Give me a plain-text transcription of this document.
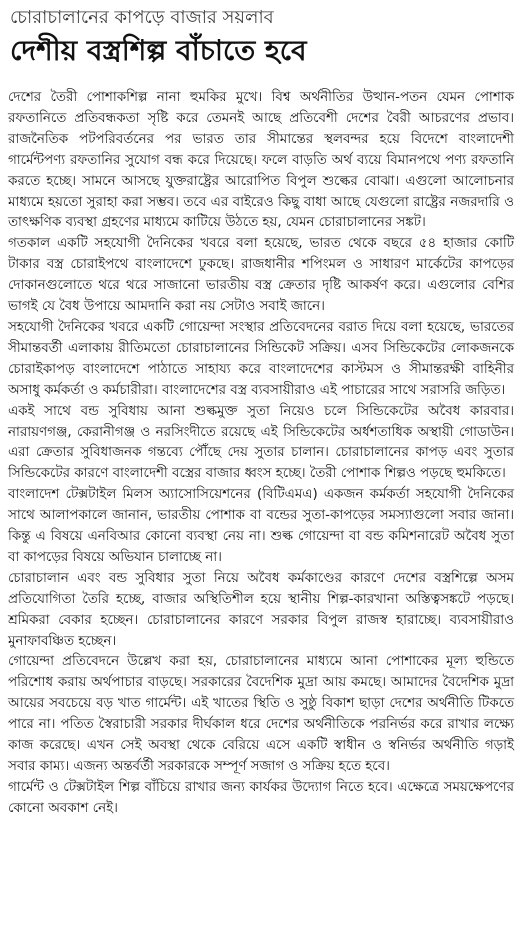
চোরাচালানের কাপড়ে বাজার সয়লাব
দেশীয় বস্ত্রশিল্প বাঁচাতে হবে

দেশের তৈরী পোশাকশিল্প নানা হুমকির মুখে। বিশ্ব অর্থনীতির উত্থান-পতন যেমন পোশাক রফতানিতে প্রতিবন্ধকতা সৃষ্টি করে তেমনই আছে প্রতিবেশী দেশের বৈরী আচরণের প্রভাব। রাজনৈতিক পটপরিবর্তনের পর ভারত তার সীমান্তের স্থলবন্দর হয়ে বিদেশে বাংলাদেশী গার্মেন্টপণ্য রফতানির সুযোগ বন্ধ করে দিয়েছে। ফলে বাড়তি অর্থ ব্যয়ে বিমানপথে পণ্য রফতানি করতে হচ্ছে। সামনে আসছে যুক্তরাষ্ট্রের আরোপিত বিপুল শুল্কের বোঝা। এগুলো আলোচনার মাধ্যমে হয়তো সুরাহা করা সম্ভব। তবে এর বাইরেও কিছু বাধা আছে যেগুলো রাষ্ট্রের নজরদারি ও তাৎক্ষণিক ব্যবস্থা গ্রহণের মাধ্যমে কাটিয়ে উঠতে হয়, যেমন চোরাচালানের সঙ্কট।

গতকাল একটি সহযোগী দৈনিকের খবরে বলা হয়েছে, ভারত থেকে বছরে ৫৪ হাজার কোটি টাকার বস্ত্র চোরাইপথে বাংলাদেশে ঢুকছে। রাজধানীর শপিংমল ও সাধারণ মার্কেটের কাপড়ের দোকানগুলোতে থরে থরে সাজানো ভারতীয় বস্ত্র ক্রেতার দৃষ্টি আকর্ষণ করে। এগুলোর বেশির ভাগই যে বৈধ উপায়ে আমদানি করা নয় সেটাও সবাই জানে।

সহযোগী দৈনিকের খবরে একটি গোয়েন্দা সংস্থার প্রতিবেদনের বরাত দিয়ে বলা হয়েছে, ভারতের সীমান্তবর্তী এলাকায় রীতিমতো চোরাচালানের সিন্ডিকেট সক্রিয়। এসব সিন্ডিকেটের লোকজনকে চোরাইকাপড় বাংলাদেশে পাঠাতে সাহায্য করে বাংলাদেশের কাস্টমস ও সীমান্তরক্ষী বাহিনীর অসাধু কর্মকর্তা ও কর্মচারীরা। বাংলাদেশের বস্ত্র ব্যবসায়ীরাও এই পাচারের সাথে সরাসরি জড়িত।

একই সাথে বন্ড সুবিধায় আনা শুল্কমুক্ত সুতা নিয়েও চলে সিন্ডিকেটের অবৈধ কারবার। নারায়ণগঞ্জ, কেরানীগঞ্জ ও নরসিংদীতে রয়েছে এই সিন্ডিকেটের অর্ধশতাধিক অস্থায়ী গোডাউন। এরা ক্রেতার সুবিধাজনক গন্তব্যে পৌঁছে দেয় সুতার চালান। চোরাচালানের কাপড় এবং সুতার সিন্ডিকেটের কারণে বাংলাদেশী বস্ত্রের বাজার ধ্বংস হচ্ছে। তৈরী পোশাক শিল্পও পড়ছে হুমকিতে।

বাংলাদেশ টেক্সটাইল মিলস অ্যাসোসিয়েশনের (বিটিএমএ) একজন কর্মকর্তা সহযোগী দৈনিকের সাথে আলাপকালে জানান, ভারতীয় পোশাক বা বন্ডের সুতা-কাপড়ের সমস্যাগুলো সবার জানা। কিন্তু এ বিষয়ে এনবিআর কোনো ব্যবস্থা নেয় না। শুল্ক গোয়েন্দা বা বন্ড কমিশনারেট অবৈধ সুতা বা কাপড়ের বিষয়ে অভিযান চালাচ্ছে না।

চোরাচালান এবং বন্ড সুবিধার সুতা নিয়ে অবৈধ কর্মকাণ্ডের কারণে দেশের বস্ত্রশিল্পে অসম প্রতিযোগিতা তৈরি হচ্ছে, বাজার অস্থিতিশীল হয়ে স্থানীয় শিল্প-কারখানা অস্তিত্বসঙ্কটে পড়ছে। শ্রমিকরা বেকার হচ্ছেন। চোরাচালানের কারণে সরকার বিপুল রাজস্ব হারাচ্ছে। ব্যবসায়ীরাও মুনাফাবঞ্চিত হচ্ছেন।

গোয়েন্দা প্রতিবেদনে উল্লেখ করা হয়, চোরাচালানের মাধ্যমে আনা পোশাকের মূল্য হুন্ডিতে পরিশোধ করায় অর্থপাচার বাড়ছে। সরকারের বৈদেশিক মুদ্রা আয় কমছে। আমাদের বৈদেশিক মুদ্রা আয়ের সবচেয়ে বড় খাত গার্মেন্ট। এই খাতের স্থিতি ও সুষ্ঠু বিকাশ ছাড়া দেশের অর্থনীতি টিকতে পারে না। পতিত স্বৈরাচারী সরকার দীর্ঘকাল ধরে দেশের অর্থনীতিকে পরনির্ভর করে রাখার লক্ষ্যে কাজ করেছে। এখন সেই অবস্থা থেকে বেরিয়ে এসে একটি স্বাধীন ও স্বনির্ভর অর্থনীতি গড়াই সবার কাম্য। এজন্য অন্তর্বর্তী সরকারকে সম্পূর্ণ সজাগ ও সক্রিয় হতে হবে।

গার্মেন্ট ও টেক্সটাইল শিল্প বাঁচিয়ে রাখার জন্য কার্যকর উদ্যোগ নিতে হবে। এক্ষেত্রে সময়ক্ষেপণের কোনো অবকাশ নেই।
